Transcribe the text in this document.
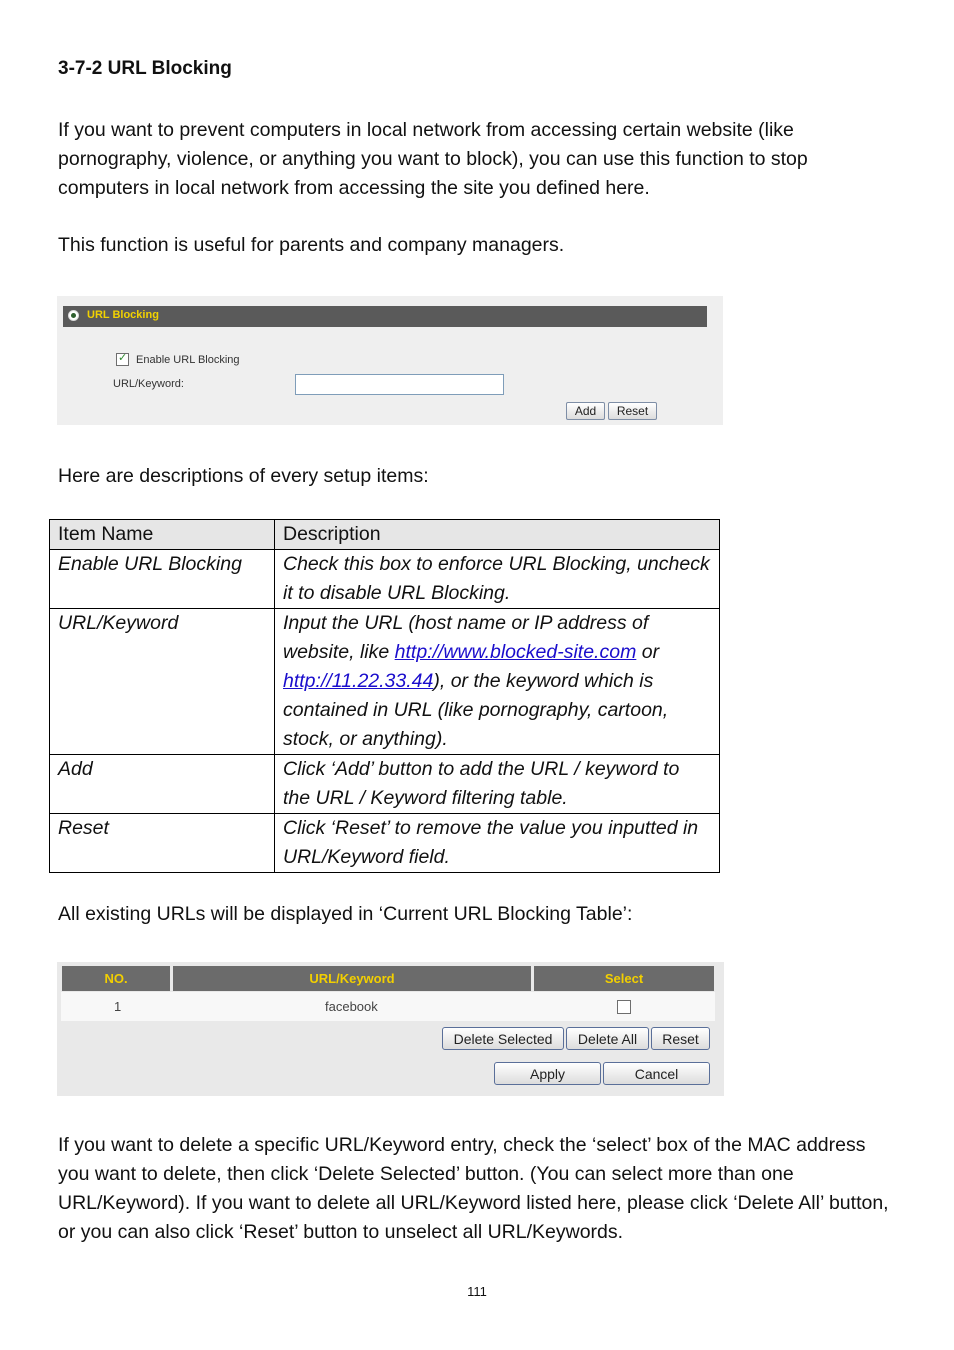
3-7-2 URL Blocking

If you want to prevent computers in local network from accessing certain website (like pornography, violence, or anything you want to block), you can use this function to stop computers in local network from accessing the site you defined here.

This function is useful for parents and company managers.

URL Blocking
✓
Enable URL Blocking
URL/Keyword:
Add	Reset

Here are descriptions of every setup items:

Item Name	Description
Enable URL Blocking	Check this box to enforce URL Blocking, uncheck it to disable URL Blocking.
URL/Keyword	Input the URL (host name or IP address of website, like http://www.blocked-site.com or http://11.22.33.44), or the keyword which is contained in URL (like pornography, cartoon, stock, or anything).
Add	Click ‘Add’ button to add the URL / keyword to the URL / Keyword filtering table.
Reset	Click ‘Reset’ to remove the value you inputted in URL/Keyword field.

All existing URLs will be displayed in ‘Current URL Blocking Table’:

NO.	URL/Keyword	Select
1	facebook
Delete Selected	Delete All	Reset
Apply	Cancel

If you want to delete a specific URL/Keyword entry, check the ‘select’ box of the MAC address you want to delete, then click ‘Delete Selected’ button. (You can select more than one URL/Keyword). If you want to delete all URL/Keyword listed here, please click ‘Delete All’ button, or you can also click ‘Reset’ button to unselect all URL/Keywords.

111
